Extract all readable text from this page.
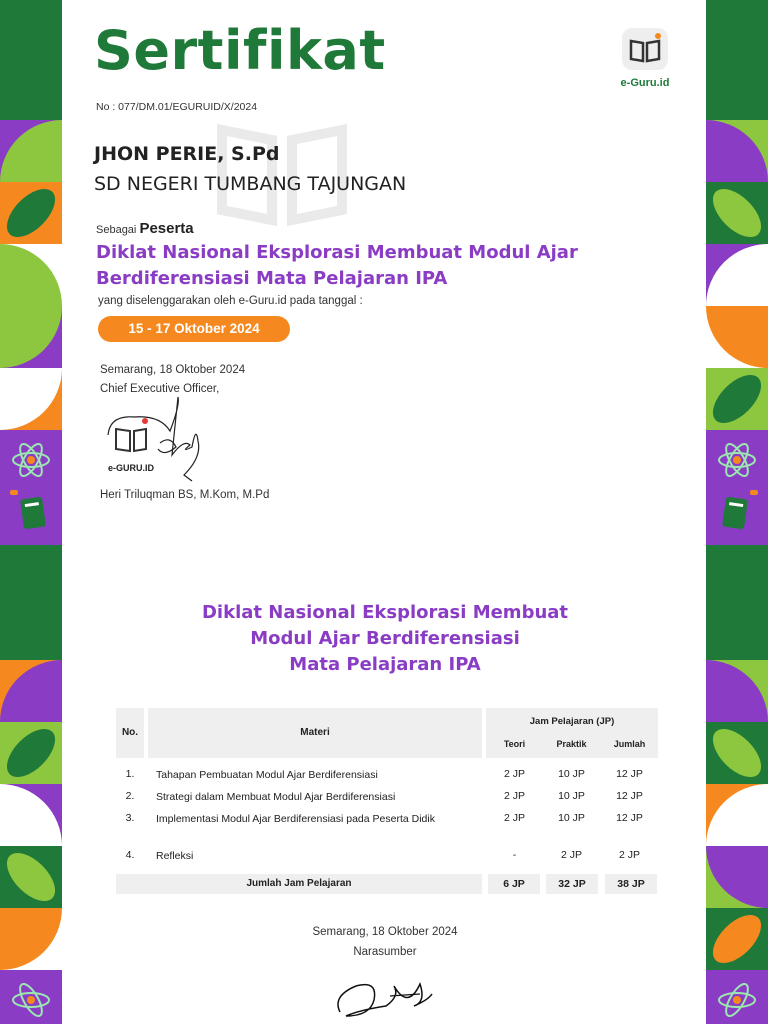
Sertifikat
No : 077/DM.01/EGURUID/X/2024
e-Guru.id
JHON PERIE, S.Pd
SD NEGERI TUMBANG TAJUNGAN
Sebagai Peserta
Diklat Nasional Eksplorasi Membuat Modul Ajar
Berdiferensiasi Mata Pelajaran IPA
yang diselenggarakan oleh e-Guru.id pada tanggal :
15 - 17 Oktober 2024
Semarang, 18 Oktober 2024
Chief Executive Officer,
e-GURU.ID
Heri Triluqman BS, M.Kom, M.Pd
Diklat Nasional Eksplorasi Membuat
Modul Ajar Berdiferensiasi
Mata Pelajaran IPA
No.	Materi
Jam Pelajaran (JP)
Teori	Praktik	Jumlah
1.	Tahapan Pembuatan Modul Ajar Berdiferensiasi	2 JP	10 JP	12 JP
2.	Strategi dalam Membuat Modul Ajar Berdiferensiasi	2 JP	10 JP	12 JP
3.	Implementasi Modul Ajar Berdiferensiasi pada Peserta Didik	2 JP	10 JP	12 JP
4.	Refleksi	-	2 JP	2 JP
Jumlah Jam Pelajaran	6 JP	32 JP	38 JP
Semarang, 18 Oktober 2024
Narasumber
